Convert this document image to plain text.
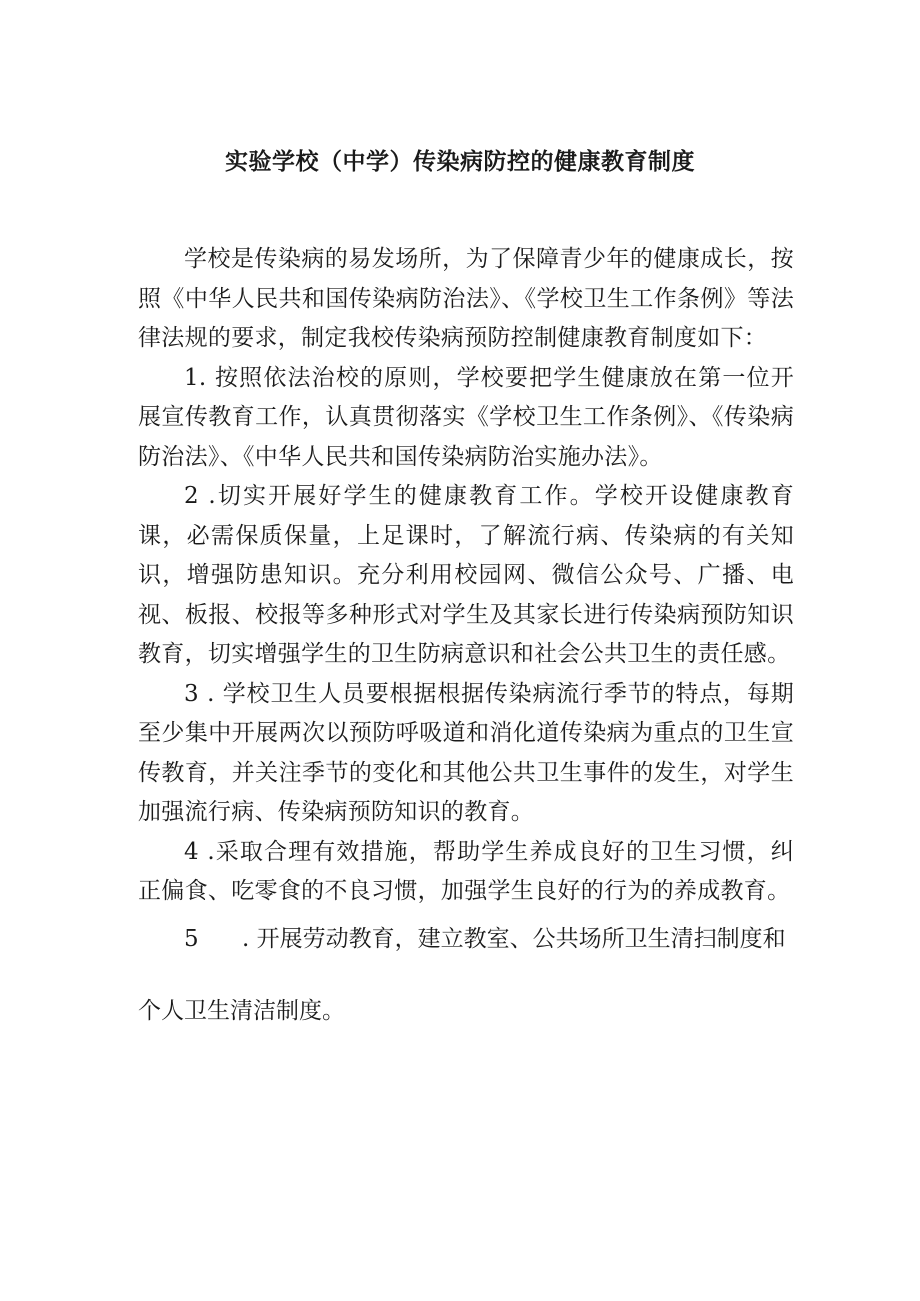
实验学校（中学）传染病防控的健康教育制度

学校是传染病的易发场所，为了保障青少年的健康成长，按照《中华人民共和国传染病防治法》、《学校卫生工作条例》等法律法规的要求，制定我校传染病预防控制健康教育制度如下：

1. 按照依法治校的原则，学校要把学生健康放在第一位开展宣传教育工作，认真贯彻落实《学校卫生工作条例》、《传染病防治法》、《中华人民共和国传染病防治实施办法》。

2 .切实开展好学生的健康教育工作。学校开设健康教育课，必需保质保量，上足课时，了解流行病、传染病的有关知识，增强防患知识。充分利用校园网、微信公众号、广播、电视、板报、校报等多种形式对学生及其家长进行传染病预防知识教育，切实增强学生的卫生防病意识和社会公共卫生的责任感。

3 . 学校卫生人员要根据根据传染病流行季节的特点，每期至少集中开展两次以预防呼吸道和消化道传染病为重点的卫生宣传教育，并关注季节的变化和其他公共卫生事件的发生，对学生加强流行病、传染病预防知识的教育。

4 .采取合理有效措施，帮助学生养成良好的卫生习惯，纠正偏食、吃零食的不良习惯，加强学生良好的行为的养成教育。

5 . 开展劳动教育，建立教室、公共场所卫生清扫制度和

个人卫生清洁制度。
